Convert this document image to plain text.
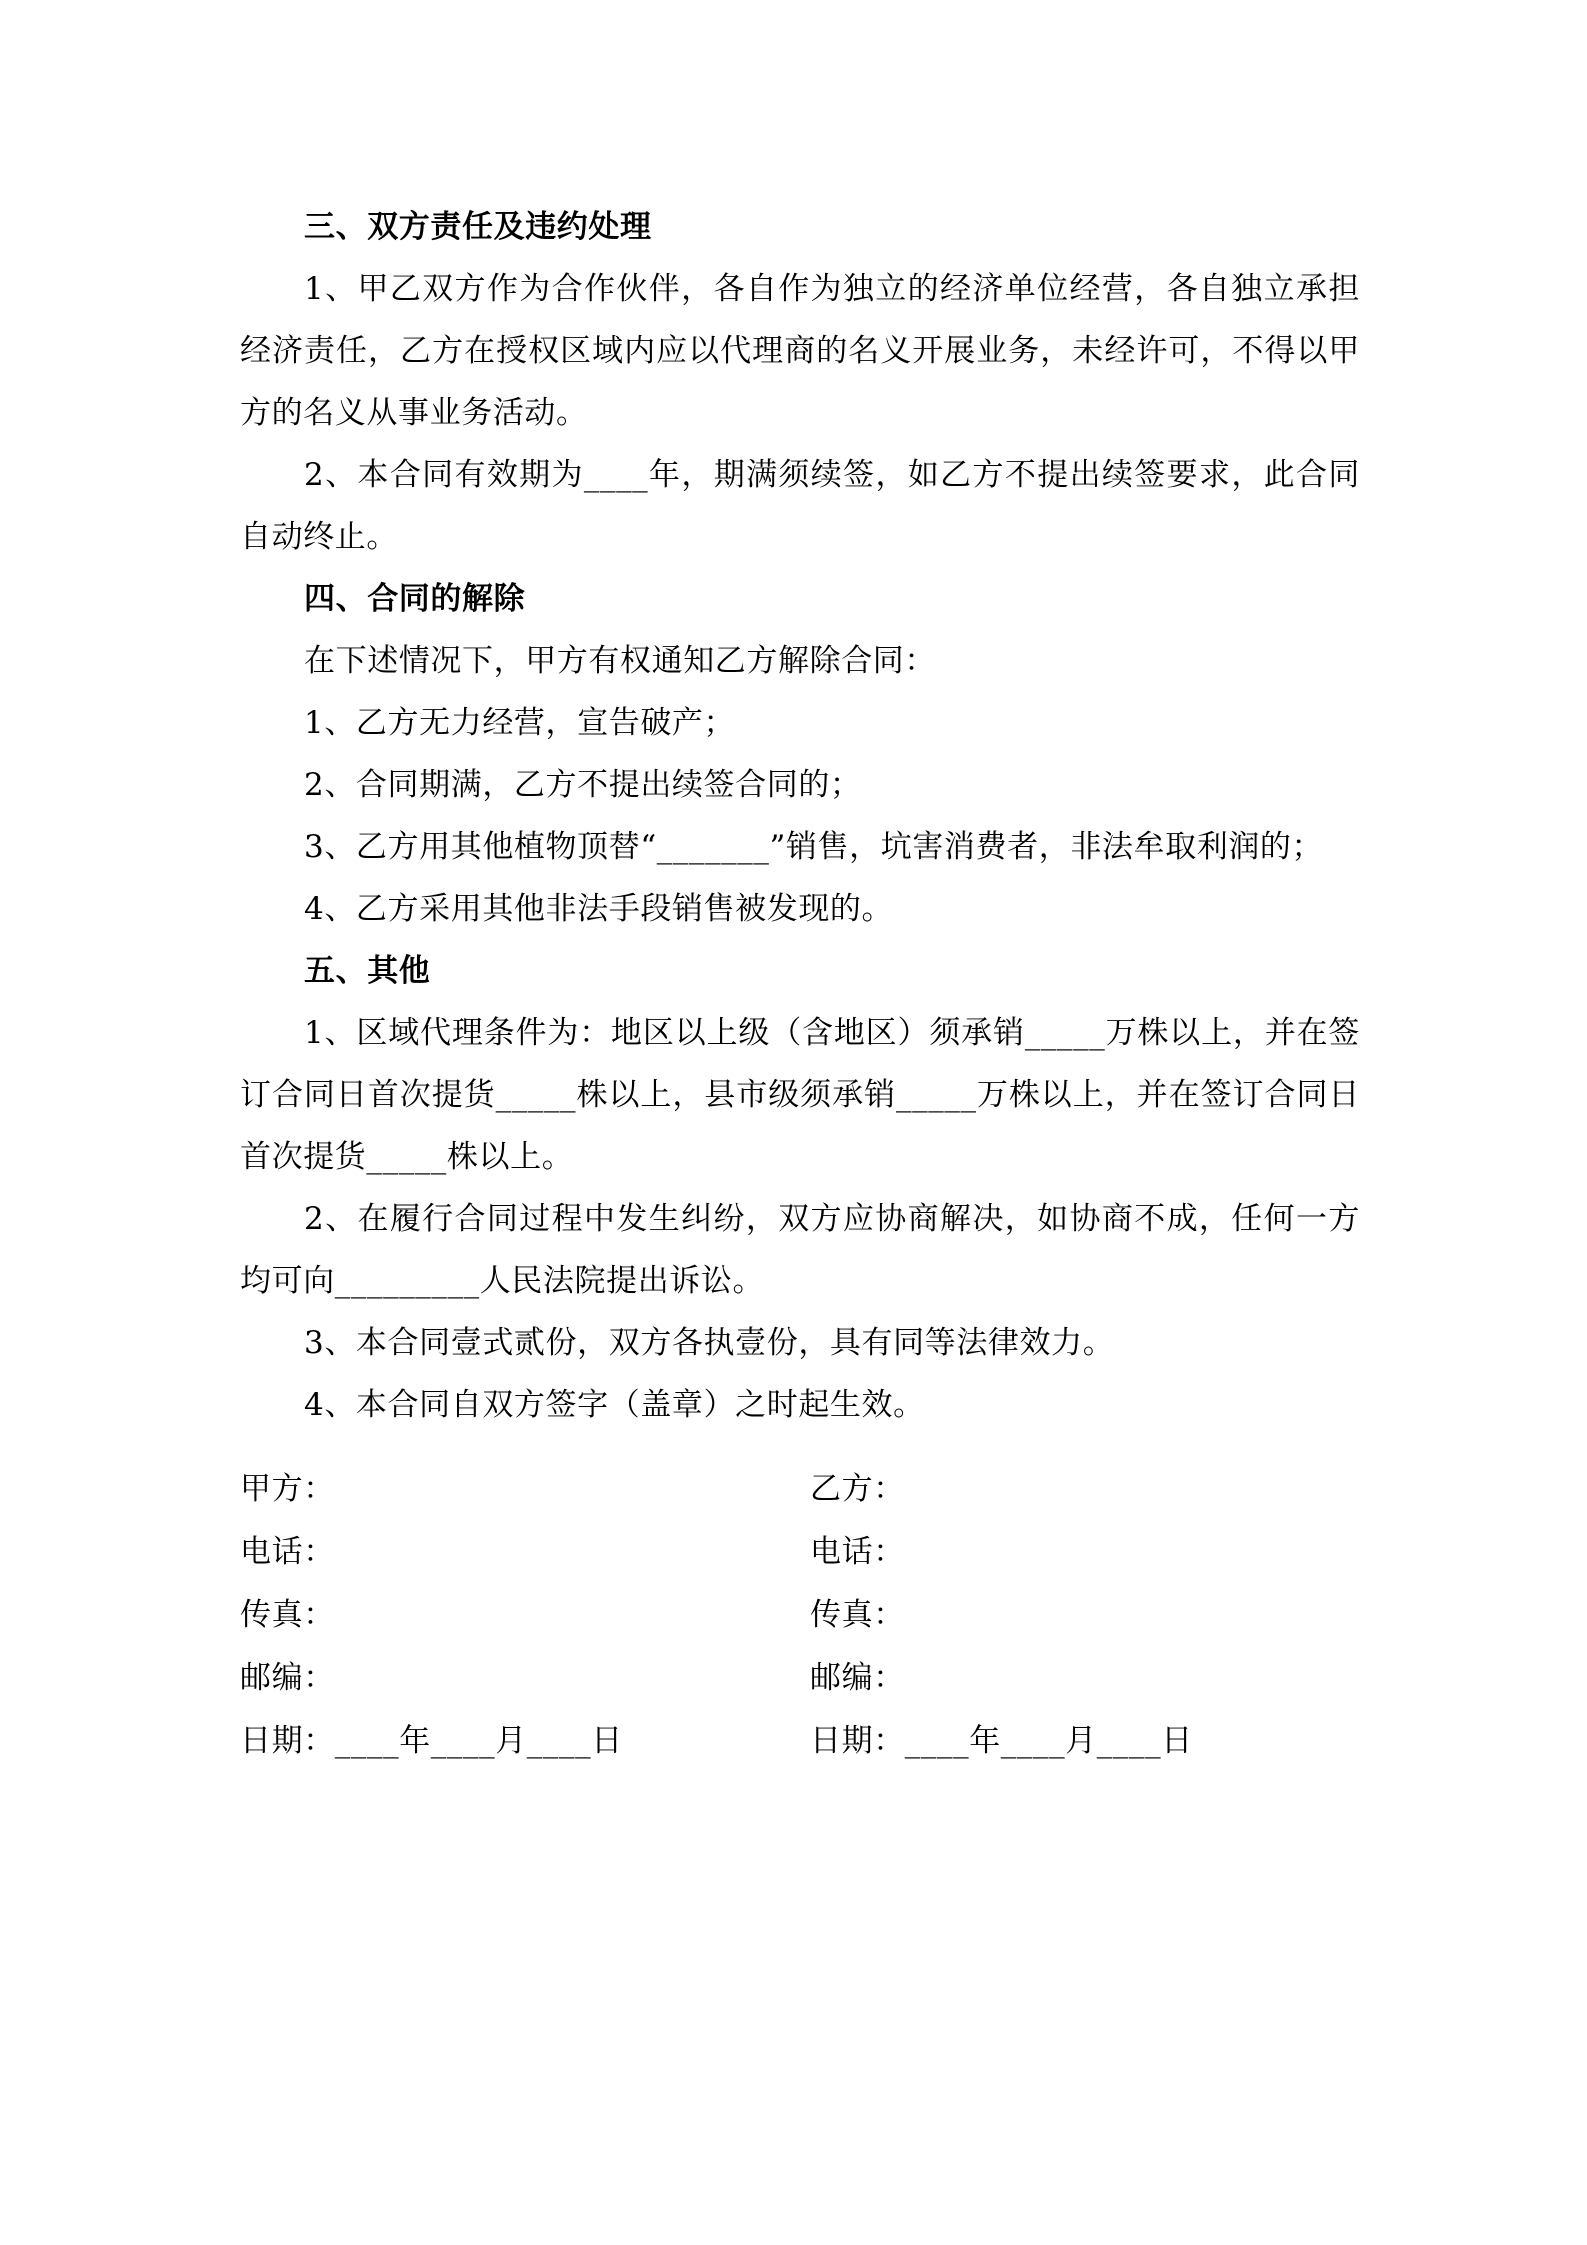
三、双方责任及违约处理
1、甲乙双方作为合作伙伴，各自作为独立的经济单位经营，各自独立承担
经济责任，乙方在授权区域内应以代理商的名义开展业务，未经许可，不得以甲
方的名义从事业务活动。
2、本合同有效期为____年，期满须续签，如乙方不提出续签要求，此合同
自动终止。
四、合同的解除
在下述情况下，甲方有权通知乙方解除合同：
1、乙方无力经营，宣告破产；
2、合同期满，乙方不提出续签合同的；
3、乙方用其他植物顶替“_______”销售，坑害消费者，非法牟取利润的；
4、乙方采用其他非法手段销售被发现的。
五、其他
1、区域代理条件为：地区以上级（含地区）须承销_____万株以上，并在签
订合同日首次提货_____株以上，县市级须承销_____万株以上，并在签订合同日
首次提货_____株以上。
2、在履行合同过程中发生纠纷，双方应协商解决，如协商不成，任何一方
均可向_________人民法院提出诉讼。
3、本合同壹式贰份，双方各执壹份，具有同等法律效力。
4、本合同自双方签字（盖章）之时起生效。
甲方：	乙方：
电话：	电话：
传真：	传真：
邮编：	邮编：
日期：____年____月____日	日期：____年____月____日
